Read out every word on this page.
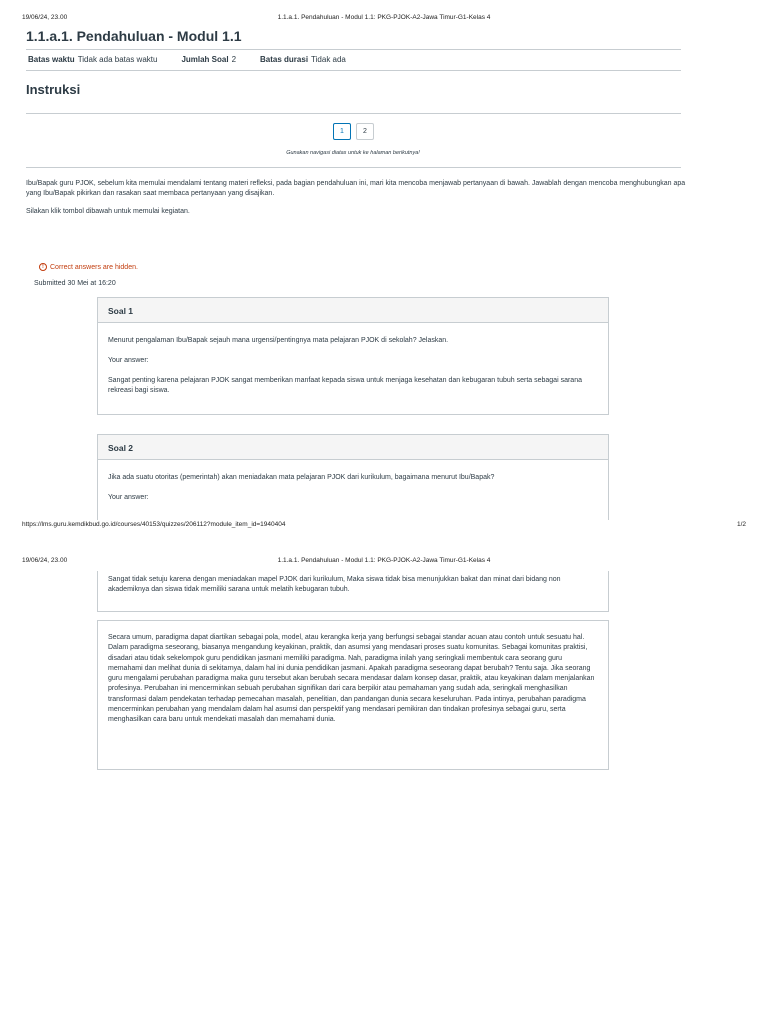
19/06/24, 23.00	1.1.a.1. Pendahuluan - Modul 1.1: PKG-PJOK-A2-Jawa Timur-G1-Kelas 4
1.1.a.1. Pendahuluan - Modul 1.1
Batas waktu Tidak ada batas waktu	Jumlah Soal 2	Batas durasi Tidak ada
Instruksi
1	2
Gunakan navigasi diatas untuk ke halaman berikutnya!

Ibu/Bapak guru PJOK, sebelum kita memulai mendalami tentang materi refleksi, pada bagian pendahuluan ini, mari kita mencoba menjawab pertanyaan di bawah. Jawablah dengan mencoba menghubungkan apa yang Ibu/Bapak pikirkan dan rasakan saat membaca pertanyaan yang disajikan.

Silakan klik tombol dibawah untuk memulai kegiatan.

! Correct answers are hidden.
Submitted 30 Mei at 16:20
Soal 1

Menurut pengalaman Ibu/Bapak sejauh mana urgensi/pentingnya mata pelajaran PJOK di sekolah? Jelaskan.

Your answer:

Sangat penting karena pelajaran PJOK sangat memberikan manfaat kepada siswa untuk menjaga kesehatan dan kebugaran tubuh serta sebagai sarana rekreasi bagi siswa.

Soal 2

Jika ada suatu otoritas (pemerintah) akan meniadakan mata pelajaran PJOK dari kurikulum, bagaimana menurut Ibu/Bapak?

Your answer:

https://lms.guru.kemdikbud.go.id/courses/40153/quizzes/206112?module_item_id=1940404	1/2
19/06/24, 23.00	1.1.a.1. Pendahuluan - Modul 1.1: PKG-PJOK-A2-Jawa Timur-G1-Kelas 4

Sangat tidak setuju karena dengan meniadakan mapel PJOK dari kurikulum, Maka siswa tidak bisa menunjukkan bakat dan minat dari bidang non akademiknya dan siswa tidak memiliki sarana untuk melatih kebugaran tubuh.

Secara umum, paradigma dapat diartikan sebagai pola, model, atau kerangka kerja yang berfungsi sebagai standar acuan atau contoh untuk sesuatu hal. Dalam paradigma seseorang, biasanya mengandung keyakinan, praktik, dan asumsi yang mendasari proses suatu komunitas. Sebagai komunitas praktisi, disadari atau tidak sekelompok guru pendidikan jasmani memiliki paradigma. Nah, paradigma inilah yang seringkali membentuk cara seorang guru memahami dan melihat dunia di sekitarnya, dalam hal ini dunia pendidikan jasmani. Apakah paradigma seseorang dapat berubah? Tentu saja. Jika seorang guru mengalami perubahan paradigma maka guru tersebut akan berubah secara mendasar dalam konsep dasar, praktik, atau keyakinan dalam menjalankan profesinya. Perubahan ini mencerminkan sebuah perubahan signifikan dari cara berpikir atau pemahaman yang sudah ada, seringkali menghasilkan transformasi dalam pendekatan terhadap pemecahan masalah, penelitian, dan pandangan dunia secara keseluruhan. Pada intinya, perubahan paradigma mencerminkan perubahan yang mendalam dalam hal asumsi dan perspektif yang mendasari pemikiran dan tindakan profesinya sebagai guru, serta menghasilkan cara baru untuk mendekati masalah dan memahami dunia.
